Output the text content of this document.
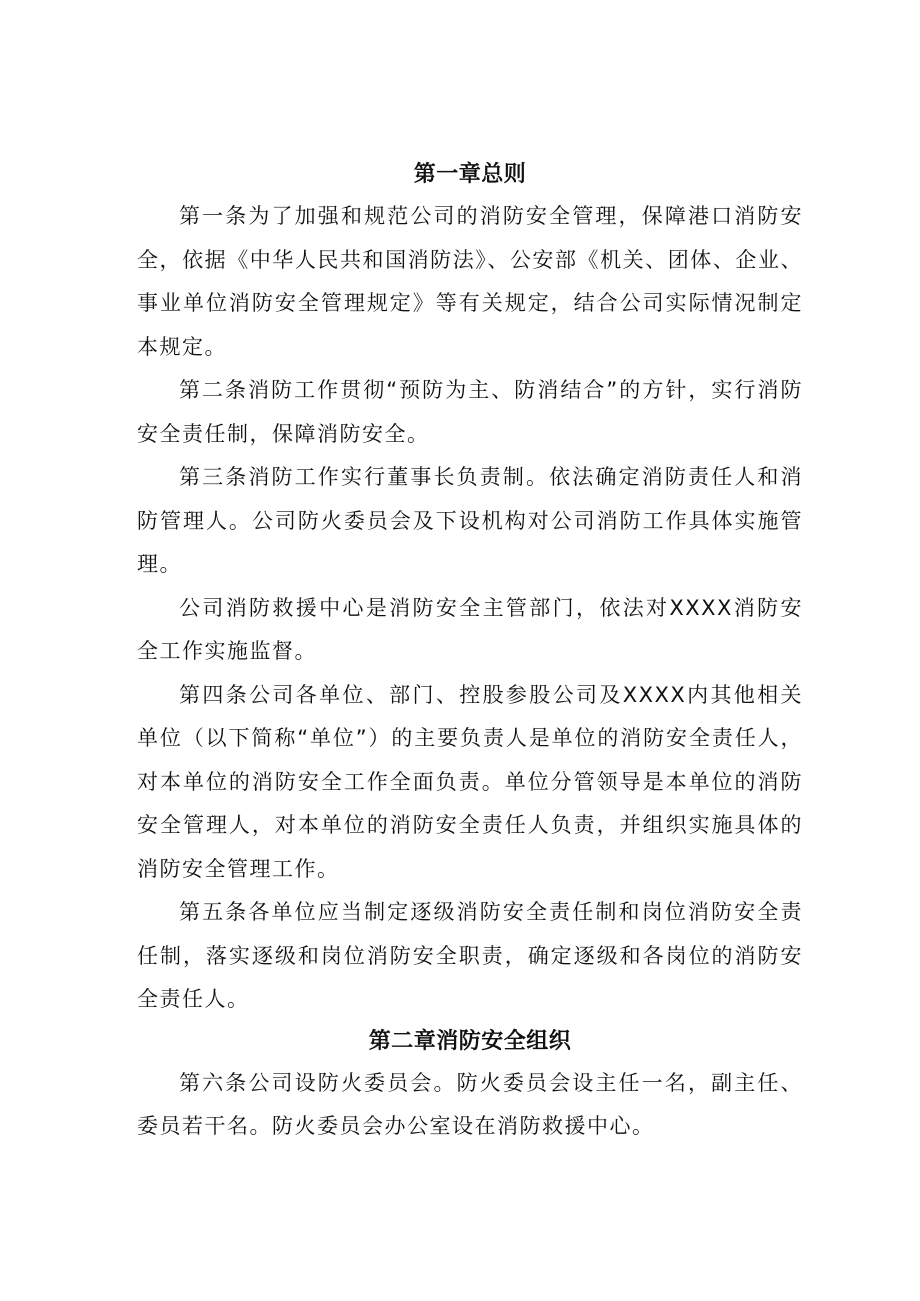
第一章总则

第一条为了加强和规范公司的消防安全管理，保障港口消防安全，依据《中华人民共和国消防法》、公安部《机关、团体、企业、事业单位消防安全管理规定》等有关规定，结合公司实际情况制定本规定。

第二条消防工作贯彻“预防为主、防消结合”的方针，实行消防安全责任制，保障消防安全。

第三条消防工作实行董事长负责制。依法确定消防责任人和消防管理人。公司防火委员会及下设机构对公司消防工作具体实施管理。

公司消防救援中心是消防安全主管部门，依法对XXXX消防安全工作实施监督。

第四条公司各单位、部门、控股参股公司及XXXX内其他相关单位（以下简称“单位”）的主要负责人是单位的消防安全责任人，对本单位的消防安全工作全面负责。单位分管领导是本单位的消防安全管理人，对本单位的消防安全责任人负责，并组织实施具体的消防安全管理工作。

第五条各单位应当制定逐级消防安全责任制和岗位消防安全责任制，落实逐级和岗位消防安全职责，确定逐级和各岗位的消防安全责任人。

第二章消防安全组织

第六条公司设防火委员会。防火委员会设主任一名，副主任、委员若干名。防火委员会办公室设在消防救援中心。
